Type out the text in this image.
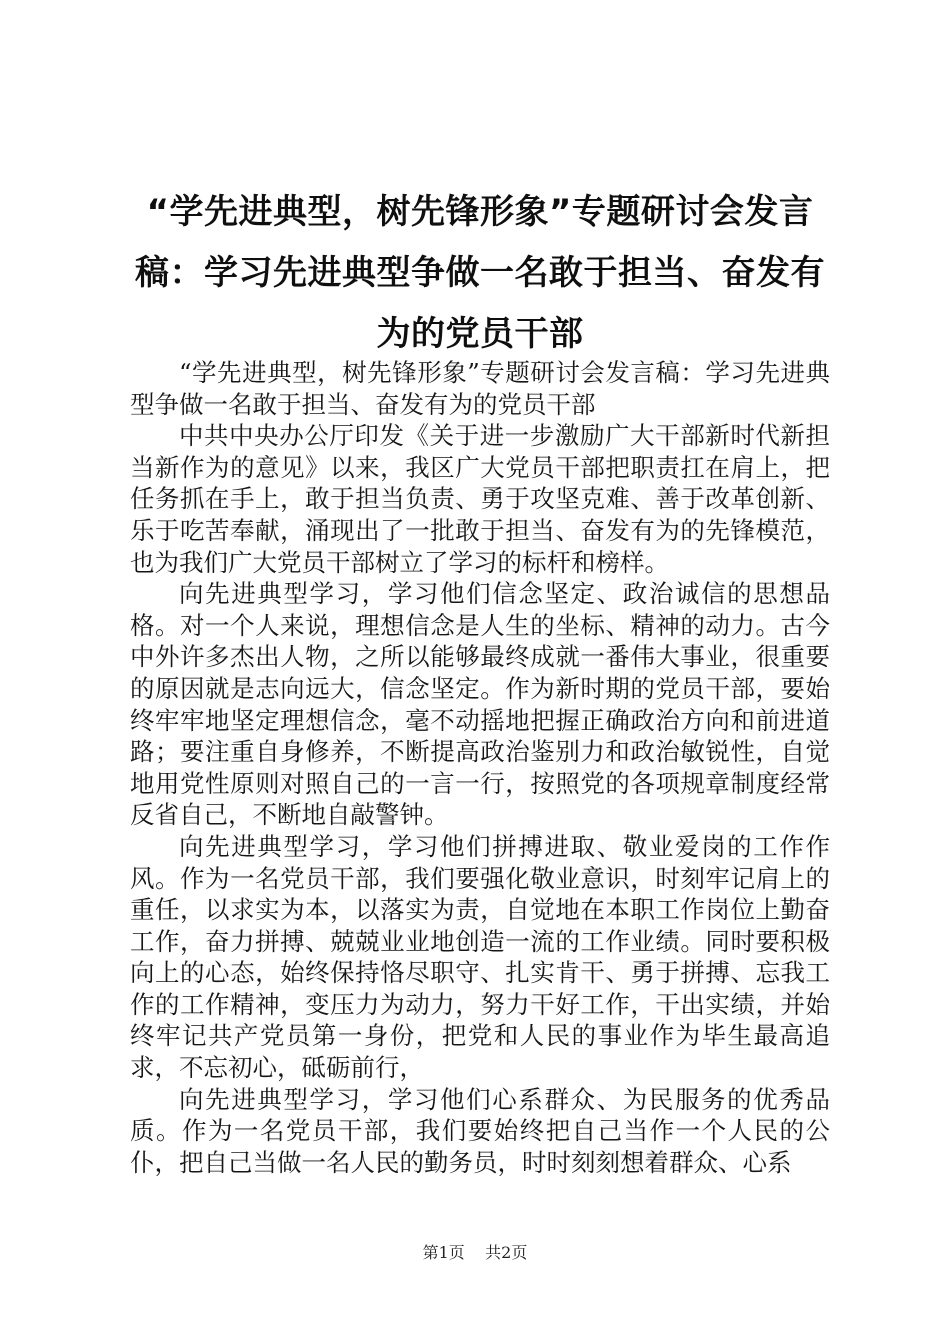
“学先进典型，树先锋形象”专题研讨会发言稿：学习先进典型争做一名敢于担当、奋发有为的党员干部

“学先进典型，树先锋形象”专题研讨会发言稿：学习先进典型争做一名敢于担当、奋发有为的党员干部

中共中央办公厅印发《关于进一步激励广大干部新时代新担当新作为的意见》以来，我区广大党员干部把职责扛在肩上，把任务抓在手上，敢于担当负责、勇于攻坚克难、善于改革创新、乐于吃苦奉献，涌现出了一批敢于担当、奋发有为的先锋模范，也为我们广大党员干部树立了学习的标杆和榜样。

向先进典型学习，学习他们信念坚定、政治诚信的思想品格。对一个人来说，理想信念是人生的坐标、精神的动力。古今中外许多杰出人物，之所以能够最终成就一番伟大事业，很重要的原因就是志向远大，信念坚定。作为新时期的党员干部，要始终牢牢地坚定理想信念，毫不动摇地把握正确政治方向和前进道路；要注重自身修养，不断提高政治鉴别力和政治敏锐性，自觉地用党性原则对照自己的一言一行，按照党的各项规章制度经常反省自己，不断地自敲警钟。

向先进典型学习，学习他们拼搏进取、敬业爱岗的工作作风。作为一名党员干部，我们要强化敬业意识，时刻牢记肩上的重任，以求实为本，以落实为责，自觉地在本职工作岗位上勤奋工作，奋力拼搏、兢兢业业地创造一流的工作业绩。同时要积极向上的心态，始终保持恪尽职守、扎实肯干、勇于拼搏、忘我工作的工作精神，变压力为动力，努力干好工作，干出实绩，并始终牢记共产党员第一身份，把党和人民的事业作为毕生最高追求，不忘初心，砥砺前行，

向先进典型学习，学习他们心系群众、为民服务的优秀品质。作为一名党员干部，我们要始终把自己当作一个人民的公仆，把自己当做一名人民的勤务员，时时刻刻想着群众、心系

第1页 共2页
